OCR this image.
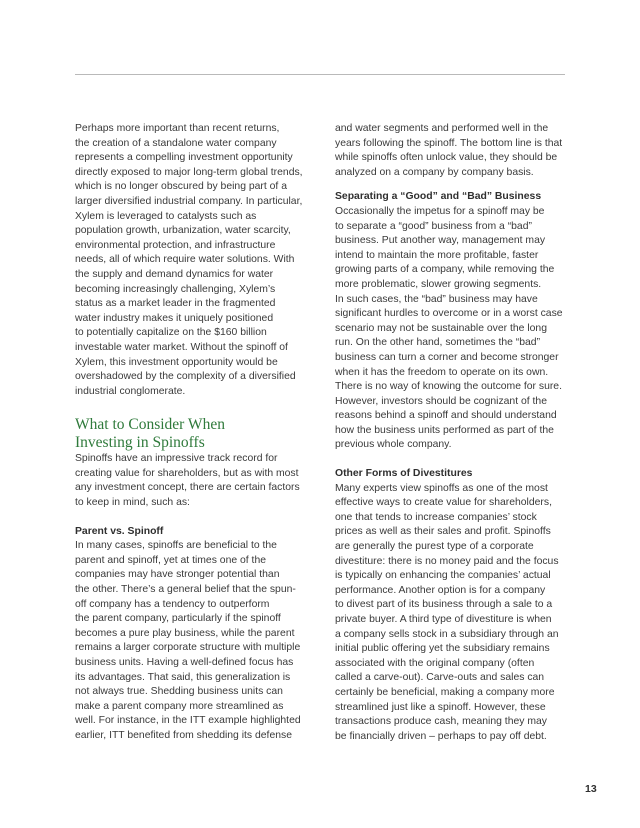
Perhaps more important than recent returns,
the creation of a standalone water company
represents a compelling investment opportunity
directly exposed to major long-term global trends,
which is no longer obscured by being part of a
larger diversified industrial company. In particular,
Xylem is leveraged to catalysts such as
population growth, urbanization, water scarcity,
environmental protection, and infrastructure
needs, all of which require water solutions. With
the supply and demand dynamics for water
becoming increasingly challenging, Xylem’s
status as a market leader in the fragmented
water industry makes it uniquely positioned
to potentially capitalize on the $160 billion
investable water market. Without the spinoff of
Xylem, this investment opportunity would be
overshadowed by the complexity of a diversified
industrial conglomerate.

What to Consider When
Investing in Spinoffs

Spinoffs have an impressive track record for
creating value for shareholders, but as with most
any investment concept, there are certain factors
to keep in mind, such as:

Parent vs. Spinoff

In many cases, spinoffs are beneficial to the
parent and spinoff, yet at times one of the
companies may have stronger potential than
the other. There’s a general belief that the spun-
off company has a tendency to outperform
the parent company, particularly if the spinoff
becomes a pure play business, while the parent
remains a larger corporate structure with multiple
business units. Having a well-defined focus has
its advantages. That said, this generalization is
not always true. Shedding business units can
make a parent company more streamlined as
well. For instance, in the ITT example highlighted
earlier, ITT benefited from shedding its defense

and water segments and performed well in the
years following the spinoff. The bottom line is that
while spinoffs often unlock value, they should be
analyzed on a company by company basis.

Separating a “Good” and “Bad” Business

Occasionally the impetus for a spinoff may be
to separate a “good” business from a “bad”
business. Put another way, management may
intend to maintain the more profitable, faster
growing parts of a company, while removing the
more problematic, slower growing segments.
In such cases, the “bad” business may have
significant hurdles to overcome or in a worst case
scenario may not be sustainable over the long
run. On the other hand, sometimes the “bad”
business can turn a corner and become stronger
when it has the freedom to operate on its own.
There is no way of knowing the outcome for sure.
However, investors should be cognizant of the
reasons behind a spinoff and should understand
how the business units performed as part of the
previous whole company.

Other Forms of Divestitures

Many experts view spinoffs as one of the most
effective ways to create value for shareholders,
one that tends to increase companies’ stock
prices as well as their sales and profit. Spinoffs
are generally the purest type of a corporate
divestiture: there is no money paid and the focus
is typically on enhancing the companies’ actual
performance. Another option is for a company
to divest part of its business through a sale to a
private buyer. A third type of divestiture is when
a company sells stock in a subsidiary through an
initial public offering yet the subsidiary remains
associated with the original company (often
called a carve-out). Carve-outs and sales can
certainly be beneficial, making a company more
streamlined just like a spinoff. However, these
transactions produce cash, meaning they may
be financially driven – perhaps to pay off debt.

13
